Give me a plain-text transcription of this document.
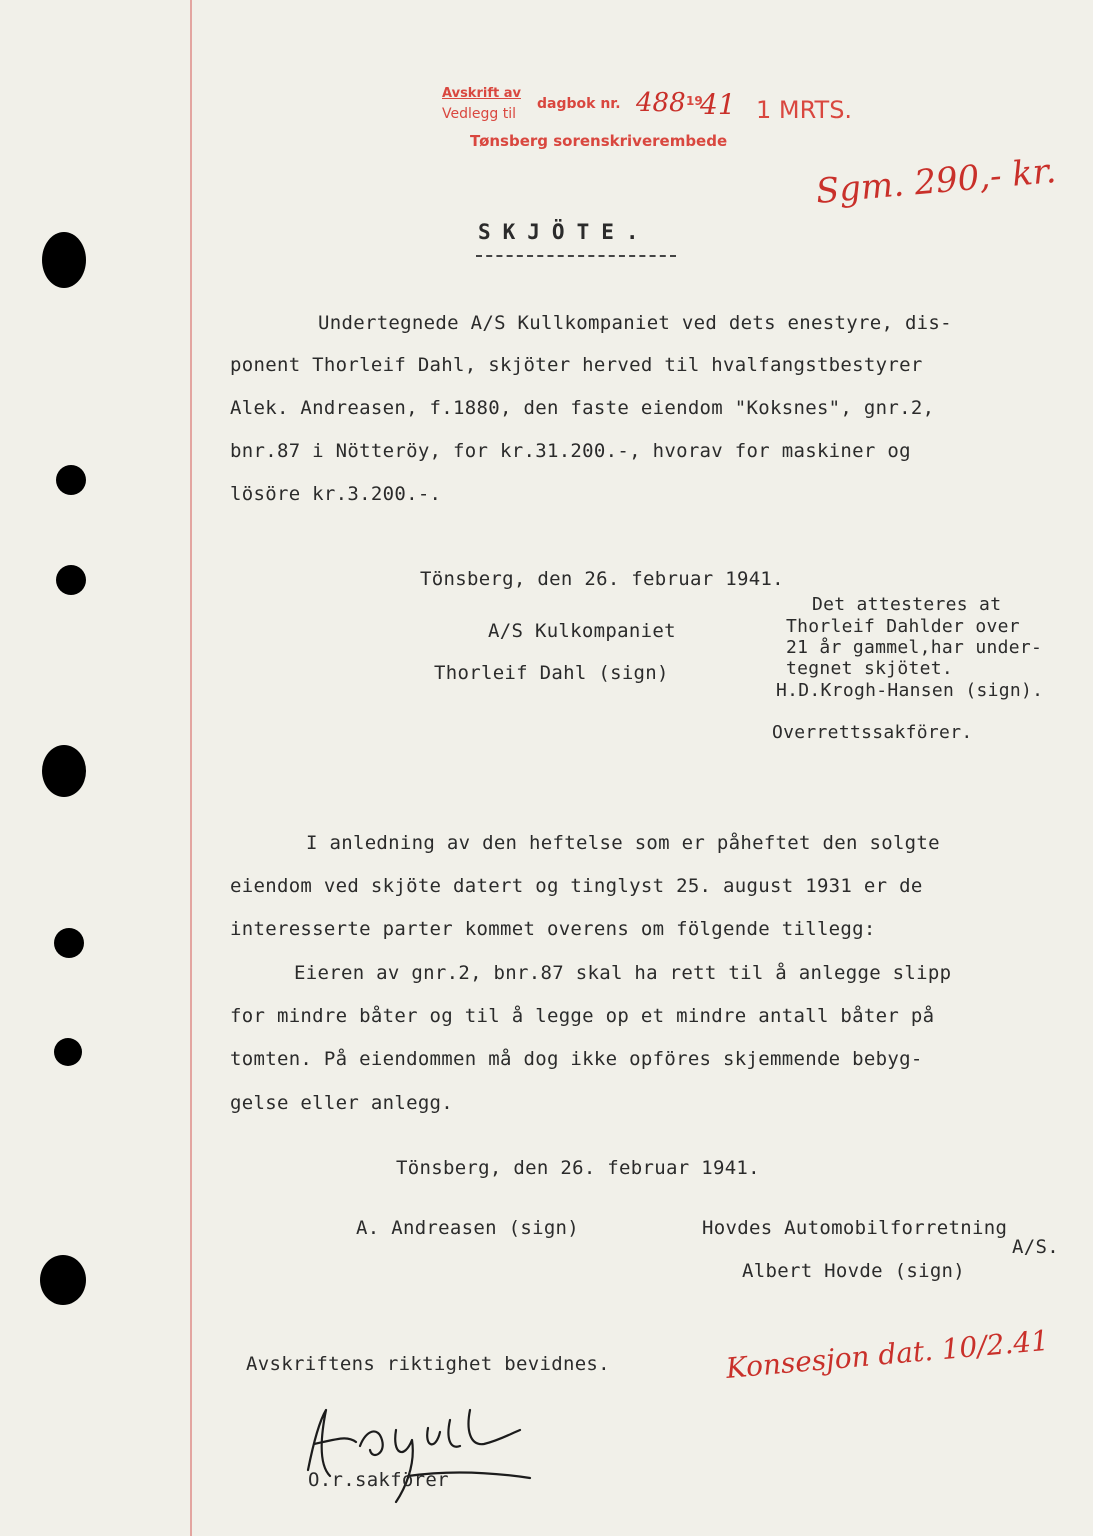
Avskrift av
Vedlegg til
dagbok nr. 488 19
41 1 MRTS.
Tønsberg sorenskriverembede
Sgm. 290,- kr.
SKJÖTE.
Undertegnede A/S Kullkompaniet ved dets enestyre, dis-
ponent Thorleif Dahl, skjöter herved til hvalfangstbestyrer
Alek. Andreasen, f.1880, den faste eiendom "Koksnes", gnr.2,
bnr.87 i Nötteröy, for kr.31.200.-, hvorav for maskiner og
lösöre kr.3.200.-.
Tönsberg, den 26. februar 1941.
A/S Kulkompaniet
Thorleif Dahl (sign)
Det attesteres at
Thorleif Dahlder over
21 år gammel,har under-
tegnet skjötet.
H.D.Krogh-Hansen (sign).
Overrettssakförer.
I anledning av den heftelse som er påheftet den solgte
eiendom ved skjöte datert og tinglyst 25. august 1931 er de
interesserte parter kommet overens om fölgende tillegg:
Eieren av gnr.2, bnr.87 skal ha rett til å anlegge slipp
for mindre båter og til å legge op et mindre antall båter på
tomten. På eiendommen må dog ikke opföres skjemmende bebyg-
gelse eller anlegg.
Tönsberg, den 26. februar 1941.
A. Andreasen (sign)	Hovdes Automobilforretning
A/S.
Albert Hovde (sign)
Avskriftens riktighet bevidnes.	Konsesjon dat. 10/2.41
O.r.sakförer
